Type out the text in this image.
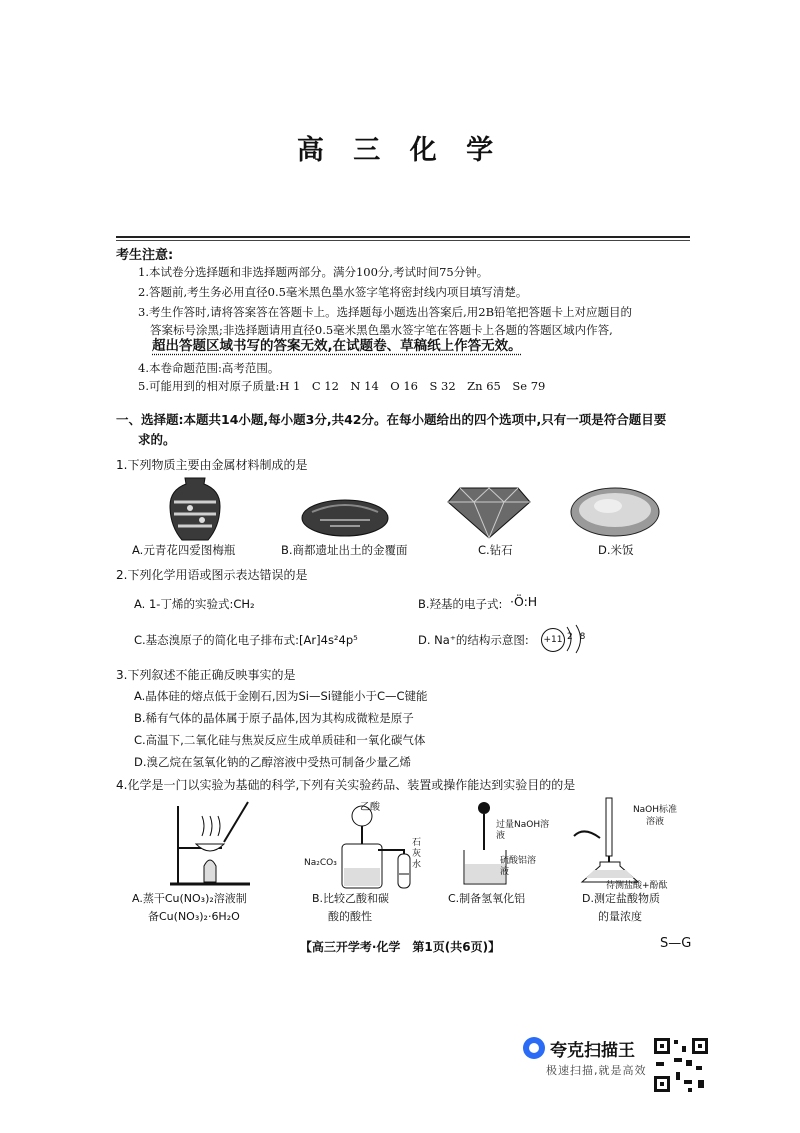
高 三 化 学
考生注意:
1.本试卷分选择题和非选择题两部分。满分100分,考试时间75分钟。
2.答题前,考生务必用直径0.5毫米黑色墨水签字笔将密封线内项目填写清楚。
3.考生作答时,请将答案答在答题卡上。选择题每小题选出答案后,用2B铅笔把答题卡上对应题目的
答案标号涂黑;非选择题请用直径0.5毫米黑色墨水签字笔在答题卡上各题的答题区域内作答,
超出答题区域书写的答案无效,在试题卷、草稿纸上作答无效。
4.本卷命题范围:高考范围。
5.可能用到的相对原子质量:H 1　C 12　N 14　O 16　S 32　Zn 65　Se 79
一、选择题:本题共14小题,每小题3分,共42分。在每小题给出的四个选项中,只有一项是符合题目要
求的。
1.下列物质主要由金属材料制成的是
A.元青花四爱图梅瓶	B.商都遗址出土的金覆面	C.钻石	D.米饭
2.下列化学用语或图示表达错误的是
A. 1-丁烯的实验式:CH₂	B.羟基的电子式: ·Ö:H
C.基态溴原子的简化电子排布式:[Ar]4s²4p⁵	D. Na⁺的结构示意图: +11 2 8
3.下列叙述不能正确反映事实的是
A.晶体硅的熔点低于金刚石,因为Si—Si键能小于C—C键能
B.稀有气体的晶体属于原子晶体,因为其构成微粒是原子
C.高温下,二氧化硅与焦炭反应生成单质硅和一氧化碳气体
D.溴乙烷在氢氧化钠的乙醇溶液中受热可制备少量乙烯
4.化学是一门以实验为基础的科学,下列有关实验药品、装置或操作能达到实验目的的是
乙酸
Na₂CO₃
石灰水
过量NaOH溶液
硫酸铝溶液
NaOH标准溶液
待测盐酸+酚酞
A.蒸干Cu(NO₃)₂溶液制
备Cu(NO₃)₂·6H₂O
B.比较乙酸和碳
酸的酸性
C.制备氢氧化铝	D.测定盐酸物质
的量浓度
【高三开学考·化学　第1页(共6页)】	S—G
夸克扫描王
极速扫描,就是高效
